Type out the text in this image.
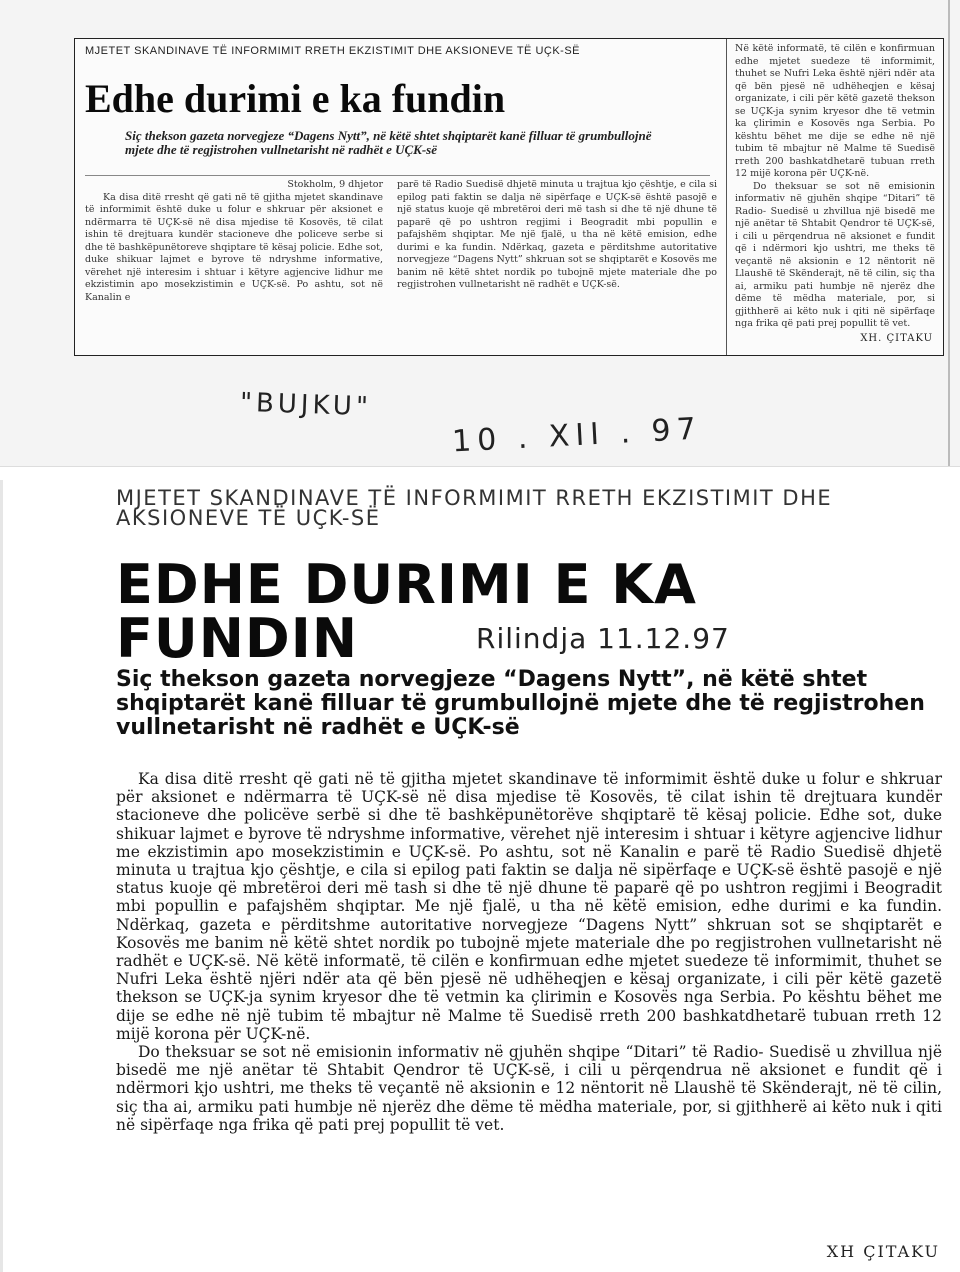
MJETET SKANDINAVE TË INFORMIMIT RRETH EKZISTIMIT DHE AKSIONEVE TË UÇK-SË
Edhe durimi e ka fundin
Siç thekson gazeta norvegjeze “Dagens Nytt”, në këtë shtet shqiptarët kanë filluar të grumbullojnë mjete dhe të regjistrohen vullnetarisht në radhët e UÇK-së
Stokholm, 9 dhjetor

Ka disa ditë rresht që gati në të gjitha mjetet skandinave të informimit është duke u folur e shkruar për aksionet e ndërmarra të UÇK-së në disa mjedise të Kosovës, të cilat ishin të drejtuara kundër stacioneve dhe policeve serbe si dhe të bashkëpunëtoreve shqiptare të kësaj policie. Edhe sot, duke shikuar lajmet e byrove të ndryshme informative, vërehet një interesim i shtuar i këtyre agjencive lidhur me ekzistimin apo mosekzistimin e UÇK-së. Po ashtu, sot në Kanalin e

parë të Radio Suedisë dhjetë minuta u trajtua kjo çështje, e cila si epilog pati faktin se dalja në sipërfaqe e UÇK-së është pasojë e një status kuoje që mbretëroi deri më tash si dhe të një dhune të paparë që po ushtron regjimi i Beogradit mbi popullin e pafajshëm shqiptar. Me një fjalë, u tha në këtë emision, edhe durimi e ka fundin. Ndërkaq, gazeta e përditshme autoritative norvegjeze “Dagens Nytt” shkruan sot se shqiptarët e Kosovës me banim në këtë shtet nordik po tubojnë mjete materiale dhe po regjistrohen vullnetarisht në radhët e UÇK-së.

Në këtë informatë, të cilën e konfirmuan edhe mjetet suedeze të informimit, thuhet se Nufri Leka është njëri ndër ata që bën pjesë në udhëheqjen e kësaj organizate, i cili për këtë gazetë thekson se UÇK-ja synim kryesor dhe të vetmin ka çlirimin e Kosovës nga Serbia. Po kështu bëhet me dije se edhe në një tubim të mbajtur në Malme të Suedisë rreth 200 bashkatdhetarë tubuan rreth 12 mijë korona për UÇK-në.

Do theksuar se sot në emisionin informativ në gjuhën shqipe “Ditari” të Radio- Suedisë u zhvillua një bisedë me një anëtar të Shtabit Qendror të UÇK-së, i cili u përqendrua në aksionet e fundit që i ndërmori kjo ushtri, me theks të veçantë në aksionin e 12 nëntorit në Llaushë të Skënderajt, në të cilin, siç tha ai, armiku pati humbje në njerëz dhe dëme të mëdha materiale, por, si gjithherë ai këto nuk i qiti në sipërfaqe nga frika që pati prej popullit të vet.

XH. ÇITAKU
"BUJKU"
10 . XII . 97
MJETET SKANDINAVE TË INFORMIMIT RRETH EKZISTIMIT DHE AKSIONEVE TË UÇK-SË
EDHE DURIMI E KA FUNDIN	Rilindja 11.12.97
Siç thekson gazeta norvegjeze “Dagens Nytt”, në këtë shtet shqiptarët kanë filluar të grumbullojnë mjete dhe të regjistrohen vullnetarisht në radhët e UÇK-së

Ka disa ditë rresht që gati në të gjitha mjetet skandinave të informimit është duke u folur e shkruar për aksionet e ndërmarra të UÇK-së në disa mjedise të Kosovës, të cilat ishin të drejtuara kundër stacioneve dhe policëve serbë si dhe të bashkëpunëtorëve shqiptarë të kësaj policie. Edhe sot, duke shikuar lajmet e byrove të ndryshme informative, vërehet një interesim i shtuar i këtyre agjencive lidhur me ekzistimin apo mosekzistimin e UÇK-së. Po ashtu, sot në Kanalin e parë të Radio Suedisë dhjetë minuta u trajtua kjo çështje, e cila si epilog pati faktin se dalja në sipërfaqe e UÇK-së është pasojë e një status kuoje që mbretëroi deri më tash si dhe të një dhune të paparë që po ushtron regjimi i Beogradit mbi popullin e pafajshëm shqiptar. Me një fjalë, u tha në këtë emision, edhe durimi e ka fundin. Ndërkaq, gazeta e përditshme autoritative norvegjeze “Dagens Nytt” shkruan sot se shqiptarët e Kosovës me banim në këtë shtet nordik po tubojnë mjete materiale dhe po regjistrohen vullnetarisht në radhët e UÇK-së. Në këtë informatë, të cilën e konfirmuan edhe mjetet suedeze të informimit, thuhet se Nufri Leka është njëri ndër ata që bën pjesë në udhëheqjen e kësaj organizate, i cili për këtë gazetë thekson se UÇK-ja synim kryesor dhe të vetmin ka çlirimin e Kosovës nga Serbia. Po kështu bëhet me dije se edhe në një tubim të mbajtur në Malme të Suedisë rreth 200 bashkatdhetarë tubuan rreth 12 mijë korona për UÇK-në.

Do theksuar se sot në emisionin informativ në gjuhën shqipe “Ditari” të Radio- Suedisë u zhvillua një bisedë me një anëtar të Shtabit Qendror të UÇK-së, i cili u përqendrua në aksionet e fundit që i ndërmori kjo ushtri, me theks të veçantë në aksionin e 12 nëntorit në Llaushë të Skënderajt, në të cilin, siç tha ai, armiku pati humbje në njerëz dhe dëme të mëdha materiale, por, si gjithherë ai këto nuk i qiti në sipërfaqe nga frika që pati prej popullit të vet.

XH ÇITAKU
